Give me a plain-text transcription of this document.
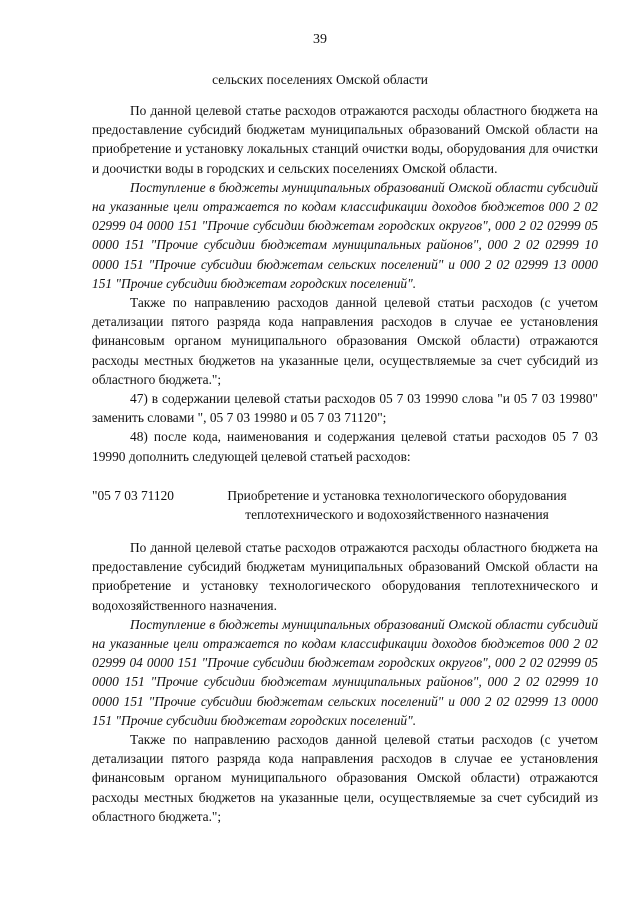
39
сельских поселениях Омской области

По данной целевой статье расходов отражаются расходы областного бюджета на предоставление субсидий бюджетам муниципальных образований Омской области на приобретение и установку локальных станций очистки воды, оборудования для очистки и доочистки воды в городских и сельских поселениях Омской области.

Поступление в бюджеты муниципальных образований Омской области субсидий на указанные цели отражается по кодам классификации доходов бюджетов 000 2 02 02999 04 0000 151 "Прочие субсидии бюджетам городских округов", 000 2 02 02999 05 0000 151 "Прочие субсидии бюджетам муниципальных районов", 000 2 02 02999 10 0000 151 "Прочие субсидии бюджетам сельских поселений" и 000 2 02 02999 13 0000 151 "Прочие субсидии бюджетам городских поселений".

Также по направлению расходов данной целевой статьи расходов (с учетом детализации пятого разряда кода направления расходов в случае ее установления финансовым органом муниципального образования Омской области) отражаются расходы местных бюджетов на указанные цели, осуществляемые за счет субсидий из областного бюджета.";

47) в содержании целевой статьи расходов 05 7 03 19990 слова "и 05 7 03 19980" заменить словами ", 05 7 03 19980 и 05 7 03 71120";

48) после кода, наименования и содержания целевой статьи расходов 05 7 03 19990 дополнить следующей целевой статьей расходов:

"05 7 03 71120	Приобретение и установка технологического оборудования теплотехнического и водохозяйственного назначения

По данной целевой статье расходов отражаются расходы областного бюджета на предоставление субсидий бюджетам муниципальных образований Омской области на приобретение и установку технологического оборудования теплотехнического и водохозяйственного назначения.

Поступление в бюджеты муниципальных образований Омской области субсидий на указанные цели отражается по кодам классификации доходов бюджетов 000 2 02 02999 04 0000 151 "Прочие субсидии бюджетам городских округов", 000 2 02 02999 05 0000 151 "Прочие субсидии бюджетам муниципальных районов", 000 2 02 02999 10 0000 151 "Прочие субсидии бюджетам сельских поселений" и 000 2 02 02999 13 0000 151 "Прочие субсидии бюджетам городских поселений".

Также по направлению расходов данной целевой статьи расходов (с учетом детализации пятого разряда кода направления расходов в случае ее установления финансовым органом муниципального образования Омской области) отражаются расходы местных бюджетов на указанные цели, осуществляемые за счет субсидий из областного бюджета.";
